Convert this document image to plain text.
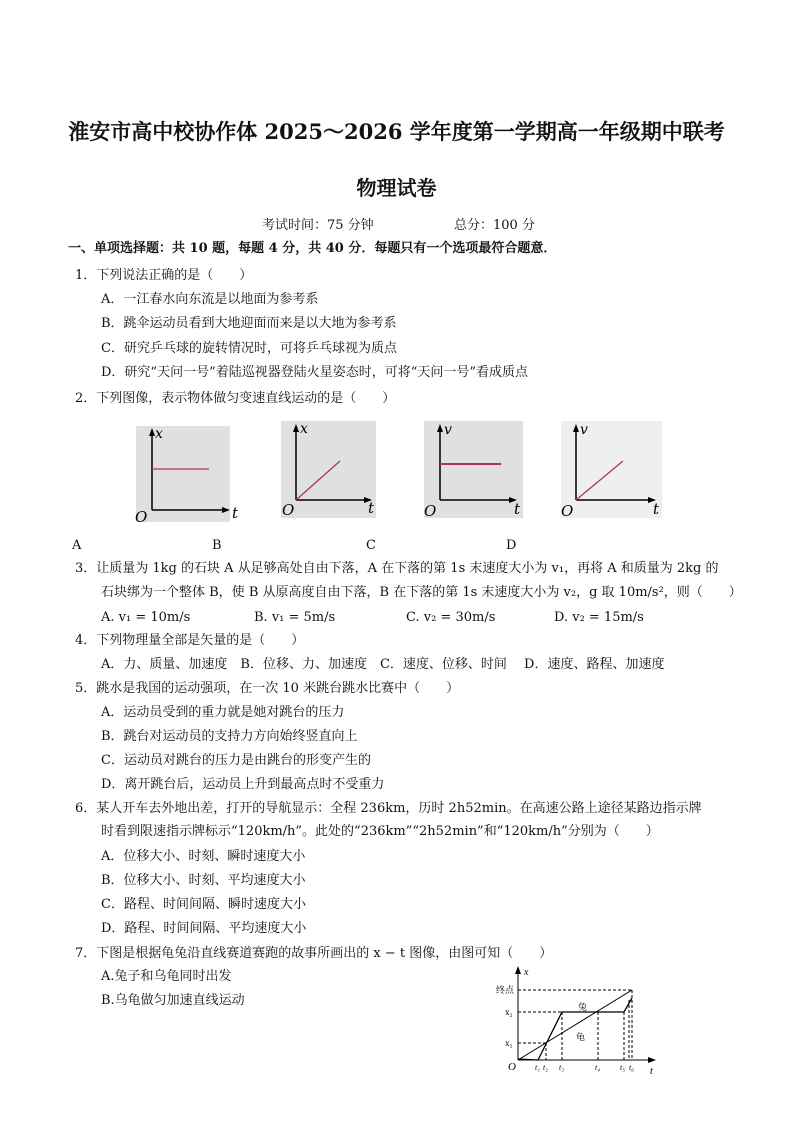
淮安市高中校协作体 2025～2026 学年度第一学期高一年级期中联考
物理试卷
考试时间：75 分钟	总分：100 分
一、单项选择题：共 10 题，每题 4 分，共 40 分．每题只有一个选项最符合题意．
1．下列说法正确的是（　　）
A．一江春水向东流是以地面为参考系
B．跳伞运动员看到大地迎面而来是以大地为参考系
C．研究乒乓球的旋转情况时，可将乒乓球视为质点
D．研究“天问一号”着陆巡视器登陆火星姿态时，可将“天问一号”看成质点
2．下列图像，表示物体做匀变速直线运动的是（　　）
x
t
O
x
t
O
v
t
O
v
t
O
A	B	C	D
3．让质量为 1kg 的石块 A 从足够高处自由下落，A 在下落的第 1s 末速度大小为 v₁，再将 A 和质量为 2kg 的
石块绑为一个整体 B，使 B 从原高度自由下落，B 在下落的第 1s 末速度大小为 v₂，g 取 10m/s²，则（　　）
A. v₁ = 10m/s	B. v₁ = 5m/s	C. v₂ = 30m/s	D. v₂ = 15m/s
4．下列物理量全部是矢量的是（　　）
A．力、质量、加速度　B．位移、力、加速度　C．速度、位移、时间　 D．速度、路程、加速度
5．跳水是我国的运动强项，在一次 10 米跳台跳水比赛中（　　）
A．运动员受到的重力就是她对跳台的压力
B．跳台对运动员的支持力方向始终竖直向上
C．运动员对跳台的压力是由跳台的形变产生的
D．离开跳台后，运动员上升到最高点时不受重力
6．某人开车去外地出差，打开的导航显示：全程 236km，历时 2h52min。在高速公路上途径某路边指示牌
时看到限速指示牌标示“120km/h”。此处的“236km”“2h52min”和“120km/h”分别为（　　）
A．位移大小、时刻、瞬时速度大小
B．位移大小、时刻、平均速度大小
C．路程、时间间隔、瞬时速度大小
D．路程、时间间隔、平均速度大小
7．下图是根据龟兔沿直线赛道赛跑的故事所画出的 x − t 图像，由图可知（　　）
A.兔子和乌龟同时出发
B.乌龟做匀加速直线运动
x
t
O
终点
x₂
x₁
兔
龟
t₁ t₂ t₃	t₄ t₅ t₆
